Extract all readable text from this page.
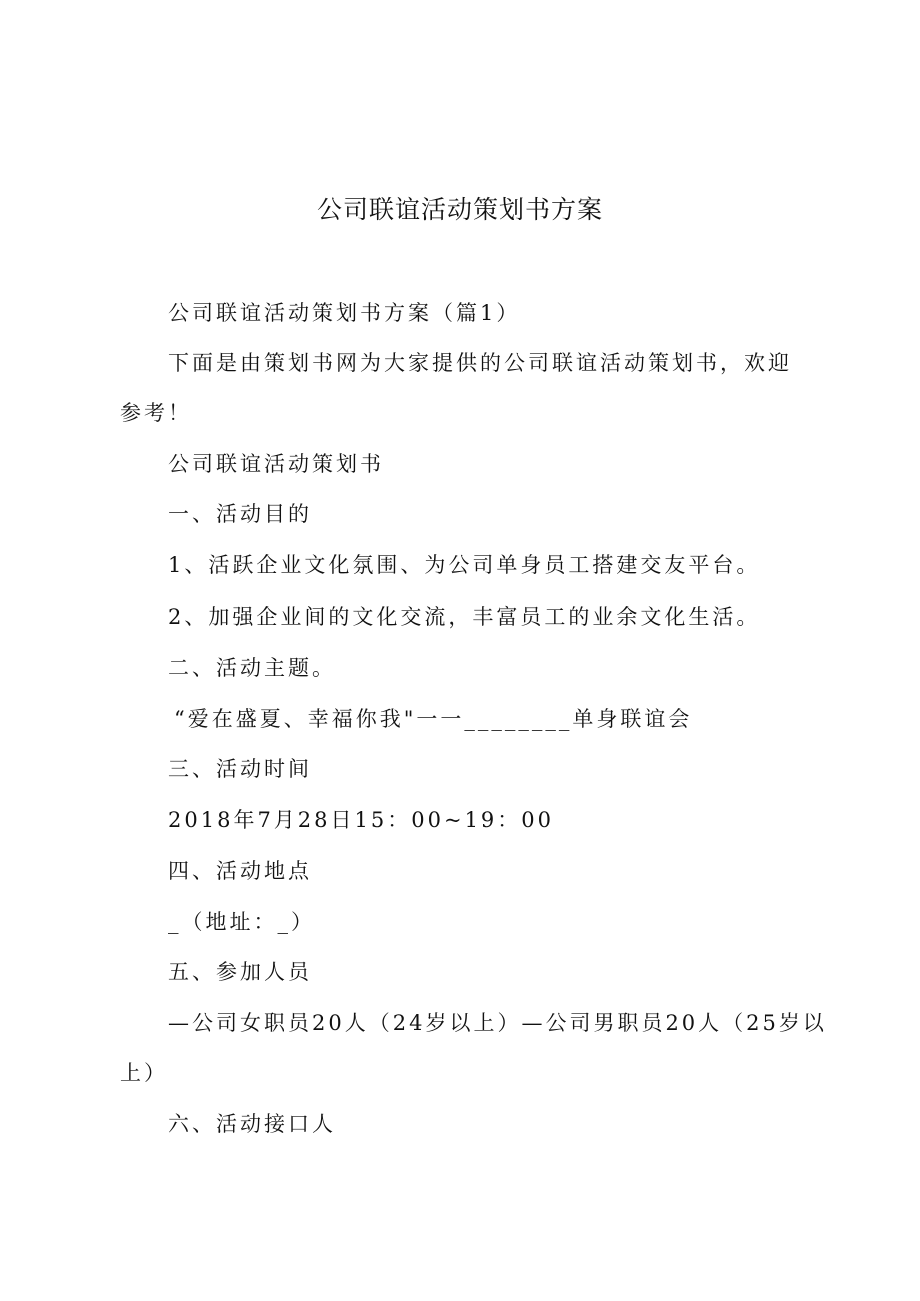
公司联谊活动策划书方案

公司联谊活动策划书方案（篇1）

下面是由策划书网为大家提供的公司联谊活动策划书，欢迎

参考！

公司联谊活动策划书

一、活动目的

1、活跃企业文化氛围、为公司单身员工搭建交友平台。

2、加强企业间的文化交流，丰富员工的业余文化生活。

二、活动主题。

“爱在盛夏、幸福你我"一一________单身联谊会

三、活动时间

2018年7月28日15：00~19：00

四、活动地点

_（地址：_）

五、参加人员

—公司女职员20人（24岁以上）—公司男职员20人（25岁以

上）

六、活动接口人
